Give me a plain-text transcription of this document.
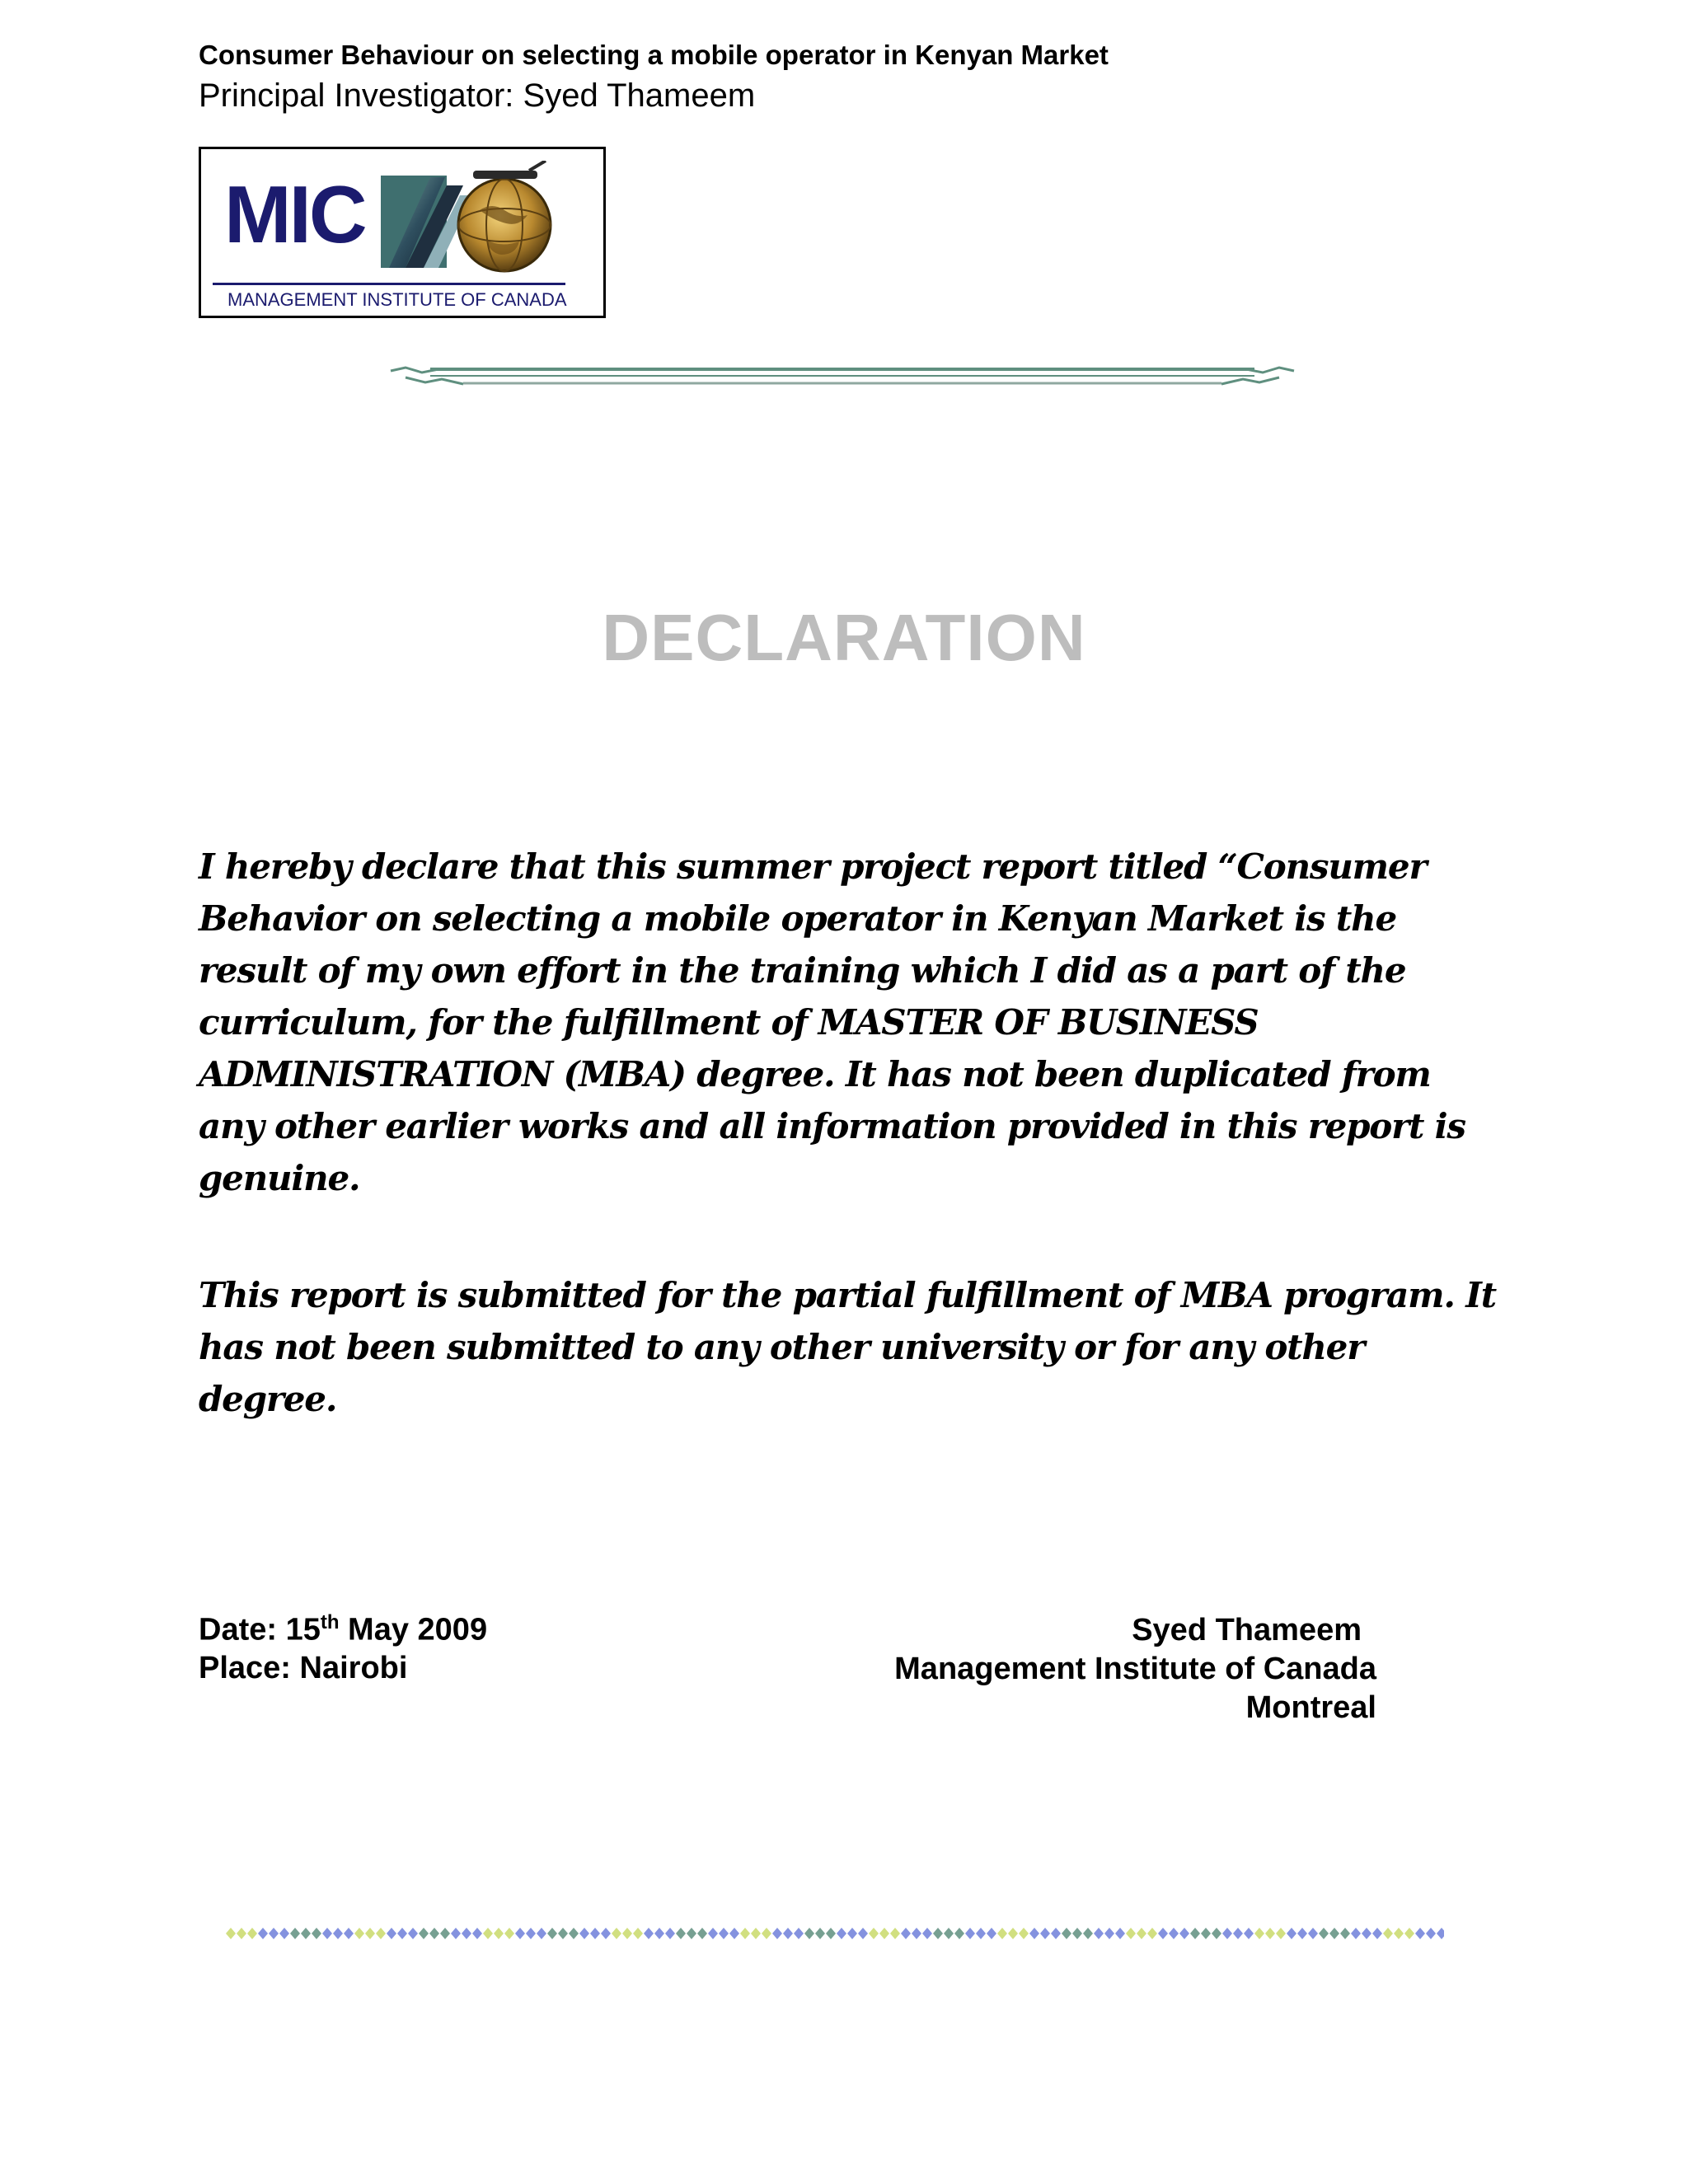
Consumer Behaviour on selecting a mobile operator in Kenyan Market
Principal Investigator: Syed Thameem
MIC
MANAGEMENT INSTITUTE OF CANADA
DECLARATION
I hereby declare that this summer project report titled “Consumer Behavior on selecting a mobile operator in Kenyan Market is the result of my own effort in the training which I did as a part of the curriculum, for the fulfillment of MASTER OF BUSINESS ADMINISTRATION (MBA) degree. It has not been duplicated from any other earlier works and all information provided in this report is genuine.
This report is submitted for the partial fulfillment of MBA program. It has not been submitted to any other university or for any other degree.
Date: 15th May 2009
Place: Nairobi
Syed Thameem
Management Institute of Canada
Montreal
